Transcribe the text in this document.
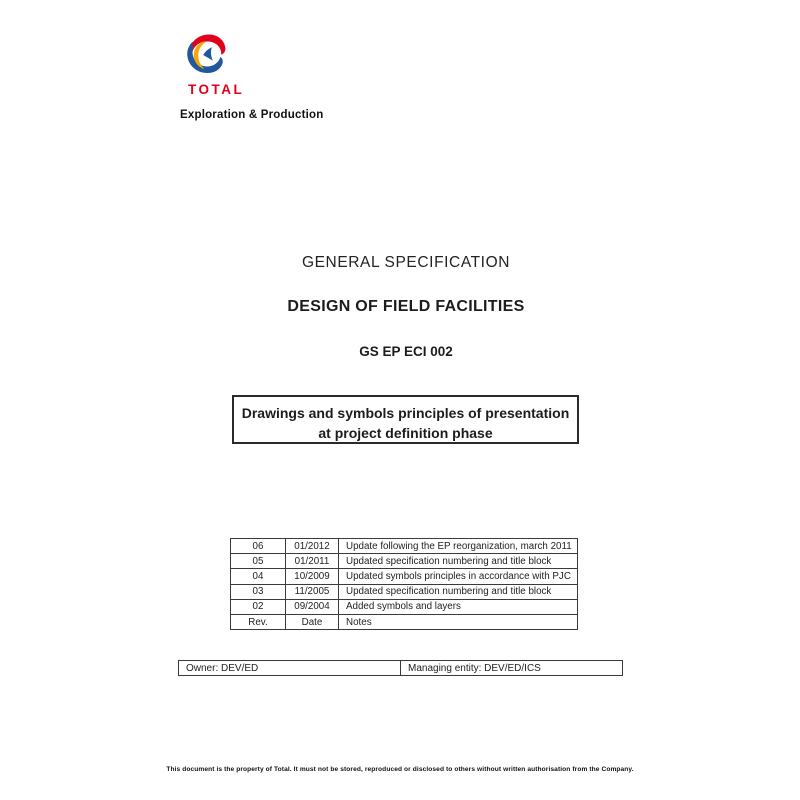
TOTAL
Exploration & Production
GENERAL SPECIFICATION
DESIGN OF FIELD FACILITIES
GS EP ECI 002
Drawings and symbols principles of presentation
at project definition phase
06	01/2012	Update following the EP reorganization, march 2011
05	01/2011	Updated specification numbering and title block
04	10/2009	Updated symbols principles in accordance with PJC
03	11/2005	Updated specification numbering and title block
02	09/2004	Added symbols and layers
Rev.	Date	Notes
Owner: DEV/ED	Managing entity: DEV/ED/ICS
This document is the property of Total. It must not be stored, reproduced or disclosed to others without written authorisation from the Company.
